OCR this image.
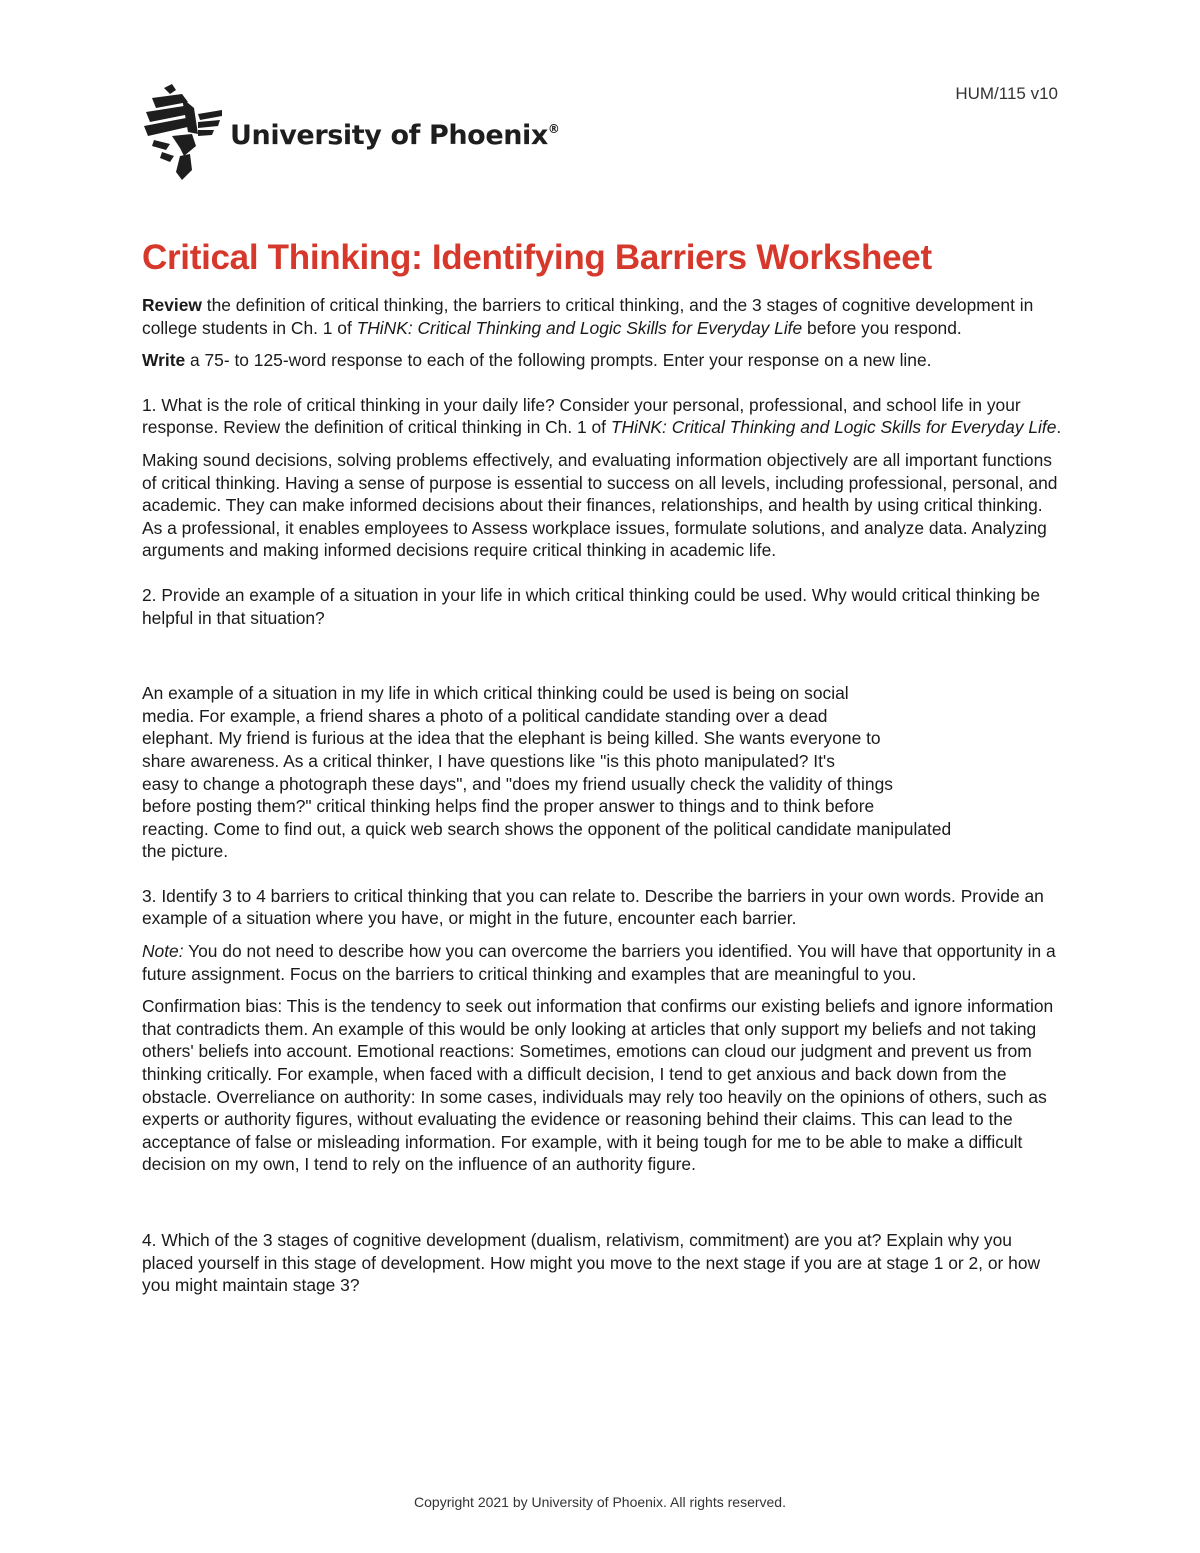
HUM/115 v10
University of Phoenix®
Critical Thinking: Identifying Barriers Worksheet

Review the definition of critical thinking, the barriers to critical thinking, and the 3 stages of cognitive development in college students in Ch. 1 of THiNK: Critical Thinking and Logic Skills for Everyday Life before you respond.

Write a 75- to 125-word response to each of the following prompts. Enter your response on a new line.

1. What is the role of critical thinking in your daily life? Consider your personal, professional, and school life in your response. Review the definition of critical thinking in Ch. 1 of THiNK: Critical Thinking and Logic Skills for Everyday Life.

Making sound decisions, solving problems effectively, and evaluating information objectively are all important functions of critical thinking. Having a sense of purpose is essential to success on all levels, including professional, personal, and academic. They can make informed decisions about their finances, relationships, and health by using critical thinking. As a professional, it enables employees to Assess workplace issues, formulate solutions, and analyze data. Analyzing arguments and making informed decisions require critical thinking in academic life.

2. Provide an example of a situation in your life in which critical thinking could be used. Why would critical thinking be helpful in that situation?

An example of a situation in my life in which critical thinking could be used is being on social
media. For example, a friend shares a photo of a political candidate standing over a dead
elephant. My friend is furious at the idea that the elephant is being killed. She wants everyone to
share awareness. As a critical thinker, I have questions like "is this photo manipulated? It's
easy to change a photograph these days", and "does my friend usually check the validity of things
before posting them?" critical thinking helps find the proper answer to things and to think before
reacting. Come to find out, a quick web search shows the opponent of the political candidate manipulated
the picture.

3. Identify 3 to 4 barriers to critical thinking that you can relate to. Describe the barriers in your own words. Provide an example of a situation where you have, or might in the future, encounter each barrier.

Note: You do not need to describe how you can overcome the barriers you identified. You will have that opportunity in a future assignment. Focus on the barriers to critical thinking and examples that are meaningful to you.

Confirmation bias: This is the tendency to seek out information that confirms our existing beliefs and ignore information that contradicts them. An example of this would be only looking at articles that only support my beliefs and not taking others' beliefs into account. Emotional reactions: Sometimes, emotions can cloud our judgment and prevent us from thinking critically. For example, when faced with a difficult decision, I tend to get anxious and back down from the obstacle. Overreliance on authority: In some cases, individuals may rely too heavily on the opinions of others, such as experts or authority figures, without evaluating the evidence or reasoning behind their claims. This can lead to the acceptance of false or misleading information. For example, with it being tough for me to be able to make a difficult decision on my own, I tend to rely on the influence of an authority figure.

4. Which of the 3 stages of cognitive development (dualism, relativism, commitment) are you at? Explain why you placed yourself in this stage of development. How might you move to the next stage if you are at stage 1 or 2, or how you might maintain stage 3?

Copyright 2021 by University of Phoenix. All rights reserved.
